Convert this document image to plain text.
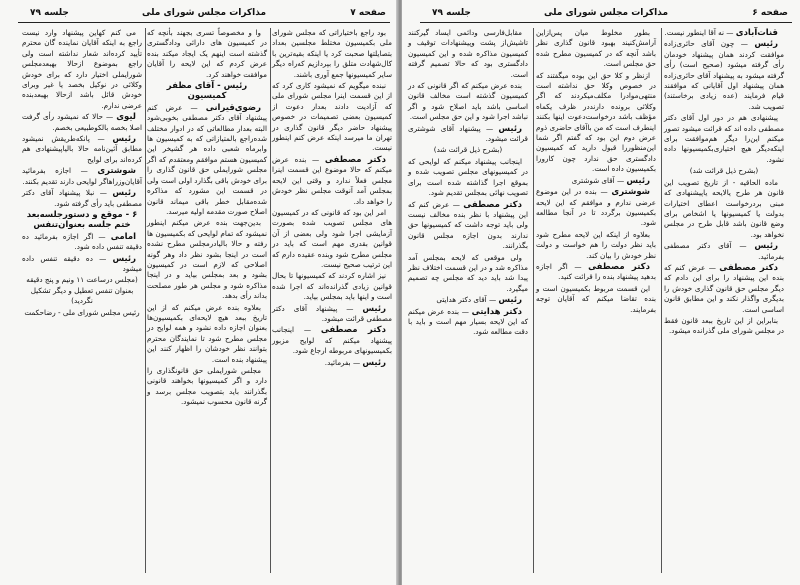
صفحه ۷
مذاکرات مجلس شورای ملی
جلسه ۷۹

بود راجع باختیاراتی که مجلس شورای ملی بکمیسیون مختلط مجلسین بعداد بتصایلتها صحبت کرد یا اینکه بقیه‌ترین با کال‌شهادت متلق را بپردازیم که‌راه دیگر سایر کمیسیونها جمع آوری باشند.

نبنده میگویم که نمیشود کاری کرد که از این قسمت اینرا مجلس شورای ملی که آزادیت دادند بعدار دعوت از کمیسیون بعضی تصمیمات در خصوص پیشنهاد حاضر دیگر قانون گذاری در تهران ما میرسد اینکه عرض کنم اینطور نیست.

دکتر مصطفی — بنده عرض میکنم که حالا موضوع این قسمت اینرا مجلس فعلاً ندارد و وقتی این لایحه بمجلس آمد آنوقت مجلس نظر خودش را خواهد داد.

امر این بود که قانونی که در کمیسیون های مجلس تصویب شده بصورت آزمایشی اجرا شود ولی بعضی از آن قوانین بقدری مهم است که باید در مجلس مطرح شود وبنده عقیده دارم که این ترتیب صحیح نیست.

نیز اشاره کردند که کمیسیونها تا بحال قوانین زیادی گذرانده‌اند که اجرا شده است و اینها باید بمجلس بیاید.

رئیس — پیشنهاد آقای دکتر مصطفی قرائت میشود.

دکتر مصطفی — اینجانب پیشنهاد میکنم که لوایح مزبور بکمیسیونهای مربوطه ارجاع شود.

رئیس — بفرمائید.

وا و مخصوصاً تسری بجهند بأنچه که در کمیسیون های دارائی ودادگستری گذشته است اینهم یک ایجاد میکند بنده عرض کردم که این لایحه را آقایان موافقت خواهند کرد.

رئیس - آقای مظفر کمیسیون

رضوی‌قیرانی — عرض کنم پیشنهاد آقای دکتر مصطفی بخوبی‌شود البته بعدار مطالعاتی که در ادوار مختلف شده‌راجع بالمتیازاتی که به کمیسیون ها وابرماه شعبی داده هر گشیخر این کمیسیون هستم موافقم ومعتقدم که اگر مجلس شورایملی حق قانون گذاری را برای خودش باقی بگذارد اولی است ولی در قسمت این مشورد که مذاکره شده‌مقابل خطر باقی میماند قانون اصلاح صورت مقدمه اولیه میرسد.

بدین‌جهت بنده عرض میکنم اینطور نمیشود که تمام لوایحی که بکمیسیون ها رفته و حالا بالیادرمجلس مطرح نشده است در اینجا بشود نظر داد وهر گونه اصلاحی که لازم است در کمیسیون بشود و بعد بمجلس بیاید و در اینجا مذاکره شود و مجلس هر طور مصلحت بداند رأی بدهد.

بعلاوه بنده عرض میکنم که از این تاریخ ببعد هیچ لایحه‌ای بکمیسیون‌ها بعنوان اجازه داده نشود و همه لوایح در مجلس مطرح شود تا نمایندگان محترم بتوانند نظر خودشان را اظهار کنند این پیشنهاد بنده است.

مجلس شورایملی حق قانونگذاری را دارد و اگر کمیسیونها بخواهند قانونی بگذرانند باید بتصویب مجلس برسد و گرنه قانون محسوب نمیشود.

می کنم کهاین پیشنهاد وارد نیست راجع به اینکه آقایان نماینده گان محترم تأیید کرده‌اند شعار نداشته است ولی راجع بموضوع ازحالا بهبعدمجلس شورایملی اختیار دارد که برای خودش وکلائی در نوکیل بخصد یا غیر وبرای خودش قائل باشد ازحالا بهبعدبنده عرضی ندارم.

لیوی — حالا که نمیشود رأی گرفت اصلا بخصه بالکوطبیعی بخصم.

رئیس — پانکه‌طریقش نمیشود مطابق آئین‌نامه حالا بالیاپیشنهادی هم کرده‌اند برای لوایح

شوشتری — اجازه بفرمائید آقایان‌وزراهاگر لوایحی دارند تقدیم بکنند.

رئیس — نبلا پیشنهاد آقای دکتر مصطفی باید رأی گرفته شود.

۶ - موقع و دستورجلسه‌بعد ختم جلسه بعنوان‌تنفس

امامی — اگر اجازه بفرمائید ده دقیقه تنفس داده شود.

رئیس — ده دقیقه تنفس داده میشود

(مجلس درساعت ۱۱ ونیم و پنج دقیقه بعنوان تنفس تعطیل و دیگر تشکیل نگردید)

رئیس مجلس شورای ملی - رضاحکمت

صفحه ۶
مذاکرات مجلس شورای ملی
جلسه ۷۹

قنات‌آبادی — نه آقا اینطور نیست.

رئیس — چون آقای حائری‌زاده موافقت کردند همان پیشنهاد خودمان رأی گرفته میشود (صحیح است) رأی گرفته میشود به پیشنهاد آقای حائری‌زاده همان پیشنهاد اول آقایانی که موافقند قیام فرمایند (عده زیادی برخاستند) تصویب شد.

پیشنهادی هم در دور اول آقای دکتر مصطفی داده اند که قرائت میشود تصور میکنم این‌را دیگر هم‌موافقت برای اینکه‌دیگر هیچ اختیاری‌بکمیسیونها داده نشود.

(بشرح ذیل قرائت شد)

ماده الحاقیه - از تاریخ تصویب این قانون هر طرح یالایحه یاپیشنهادی که مبنی بردرخواست اعطای اختیارات بدولت یا کمیسیونها یا اشخاص برای وضع قانون باشد قابل طرح در مجلس نخواهد بود.

رئیس — آقای دکتر مصطفی بفرمائید.

دکتر مصطفی — عرض کنم که بنده این پیشنهاد را برای این دادم که دیگر مجلس حق قانون گذاری خودش را بدیگری واگذار نکند و این مطابق قانون اساسی است.

بنابراین از این تاریخ ببعد قانون فقط در مجلس شورای ملی گذرانده میشود.

بطور مخلوط میان پس‌ازاین آرامش‌کنیند بهبود قانون گذاری نظر باشد آنچه که در کمیسیون مطرح شده حق مجلس است.

ازنظر و کلا حق این بوده میگفتند که در خصوص وکلا حق نداشته است منتهی‌مواد‌را مکلف‌میکردند که اگر وکلائی برونده دارند‌در ظرف یکماه مؤظف باشد درخواست‌دعوت اینها بکنند اینطرف است که من باآقای حاضری ذوم عرض دوم این بود که گفتم اگر شما این‌منظوررا قبول دارید که کمیسیون دادگستری حق ندارد چون کارورا بکمیسیون داده است.

رئیس — آقای شوشتری

شوشتری — بنده در این موضوع عرضی ندارم و موافقم که این لایحه بکمیسیون برگردد تا در آنجا مطالعه شود.

بعلاوه از اینکه این لایحه مطرح شود باید نظر دولت را هم خواست و دولت نظر خودش را بیان کند.

دکتر مصطفی — اگر اجازه بدهید پیشنهاد بنده را قرائت کنید.

این قسمت مربوط بکمیسیون است و بنده تقاضا میکنم که آقایان توجه بفرمایند.

مقابل‌فارسی ودائمی ایساد گیرکنند تاشیش‌از پشت وپیشنهادات توقیف و کمیسیون مذاکره شده و این کمیسیون دادگستری بود که حالا تصمیم گرفته است.

بنده عرض میکنم که اگر قانونی که در کمیسیون گذشته است مخالف قانون اساسی باشد باید اصلاح شود و اگر نباشد اجرا شود و این حق مجلس است.

رئیس — پیشنهاد آقای شوشتری قرائت میشود.

(بشرح ذیل قرائت شد)

اینجانب پیشنهاد میکنم که لوایحی که در کمیسیونهای مجلس تصویب شده و بموقع اجرا گذاشته شده است برای تصویب نهائی بمجلس تقدیم شود.

دکتر مصطفی — عرض کنم که این پیشنهاد با نظر بنده مخالف نیست ولی باید توجه داشت که کمیسیونها حق ندارند بدون اجازه مجلس قانون بگذرانند.

ولی موقعی که لایحه بمجلس آمد مذاکره شد و در این قسمت اختلاف نظر پیدا شد باید دید که مجلس چه تصمیم میگیرد.

رئیس — آقای دکتر هدایتی

دکتر هدایتی — بنده عرض میکنم که این لایحه بسیار مهم است و باید با دقت مطالعه شود.
